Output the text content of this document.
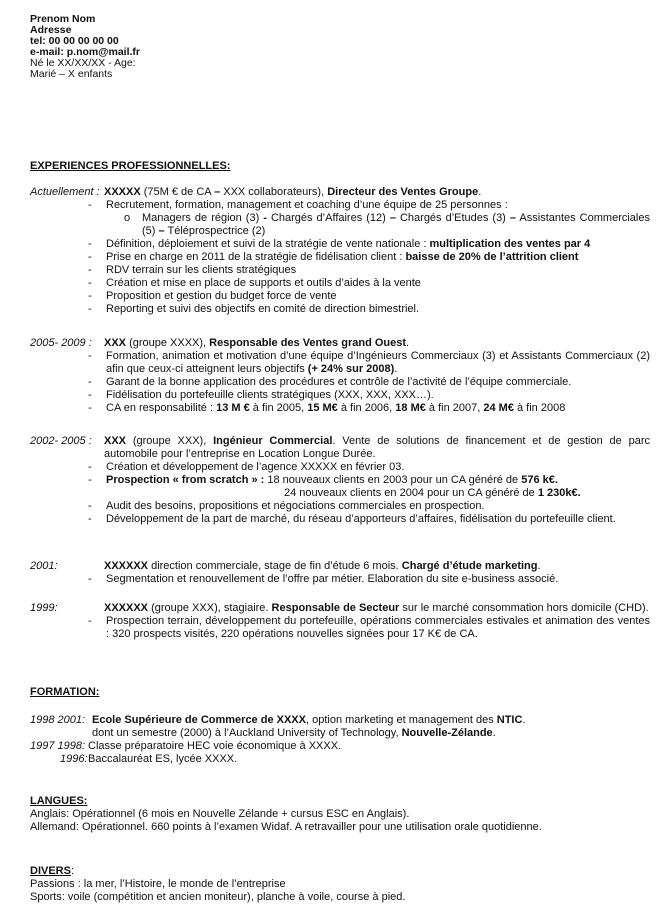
Prenom Nom
Adresse
tel: 00 00 00 00 00
e-mail: p.nom@mail.fr
Né le XX/XX/XX - Age:
Marié – X enfants
EXPERIENCES PROFESSIONNELLES:
Actuellement : XXXXX (75M € de CA – XXX collaborateurs), Directeur des Ventes Groupe.
- Recrutement, formation, management et coaching d’une équipe de 25 personnes :
o Managers de région (3) - Chargés d’Affaires (12) – Chargés d’Etudes (3) – Assistantes Commerciales (5) – Téléprospectrice (2)
- Définition, déploiement et suivi de la stratégie de vente nationale : multiplication des ventes par 4
- Prise en charge en 2011 de la stratégie de fidélisation client : baisse de 20% de l’attrition client
- RDV terrain sur les clients stratégiques
- Création et mise en place de supports et outils d’aides à la vente
- Proposition et gestion du budget force de vente
- Reporting et suivi des objectifs en comité de direction bimestriel.
2005- 2009 : XXX (groupe XXXX), Responsable des Ventes grand Ouest.
- Formation, animation et motivation d’une équipe d’Ingénieurs Commerciaux (3) et Assistants Commerciaux (2) afin que ceux-ci atteignent leurs objectifs (+ 24% sur 2008).
- Garant de la bonne application des procédures et contrôle de l’activité de l’équipe commerciale.
- Fidélisation du portefeuille clients stratégiques (XXX, XXX, XXX…).
- CA en responsabilité : 13 M € à fin 2005, 15 M€ à fin 2006, 18 M€ à fin 2007, 24 M€ à fin 2008
2002- 2005 : XXX (groupe XXX), Ingénieur Commercial. Vente de solutions de financement et de gestion de parc automobile pour l’entreprise en Location Longue Durée.
- Création et développement de l’agence XXXXX en février 03.
- Prospection « from scratch » : 18 nouveaux clients en 2003 pour un CA généré de 576 k€.
24 nouveaux clients en 2004 pour un CA généré de 1 230k€.
- Audit des besoins, propositions et négociations commerciales en prospection.
- Développement de la part de marché, du réseau d’apporteurs d’affaires, fidélisation du portefeuille client.
2001:	XXXXXX direction commerciale, stage de fin d’étude 6 mois. Chargé d’étude marketing.
- Segmentation et renouvellement de l’offre par métier. Elaboration du site e-business associé.
1999:	XXXXXX (groupe XXX), stagiaire. Responsable de Secteur sur le marché consommation hors domicile (CHD).
- Prospection terrain, développement du portefeuille, opérations commerciales estivales et animation des ventes : 320 prospects visités, 220 opérations nouvelles signées pour 17 K€ de CA.
FORMATION:
1998 2001: Ecole Supérieure de Commerce de XXXX, option marketing et management des NTIC.
dont un semestre (2000) à l’Auckland University of Technology, Nouvelle-Zélande.
1997 1998: Classe préparatoire HEC voie économique à XXXX.
1996: Baccalauréat ES, lycée XXXX.
LANGUES:
Anglais: Opérationnel (6 mois en Nouvelle Zélande + cursus ESC en Anglais).
Allemand: Opérationnel. 660 points à l’examen Widaf. A retravailler pour une utilisation orale quotidienne.
DIVERS:
Passions : la mer, l’Histoire, le monde de l’entreprise
Sports: voile (compétition et ancien moniteur), planche à voile, course à pied.
